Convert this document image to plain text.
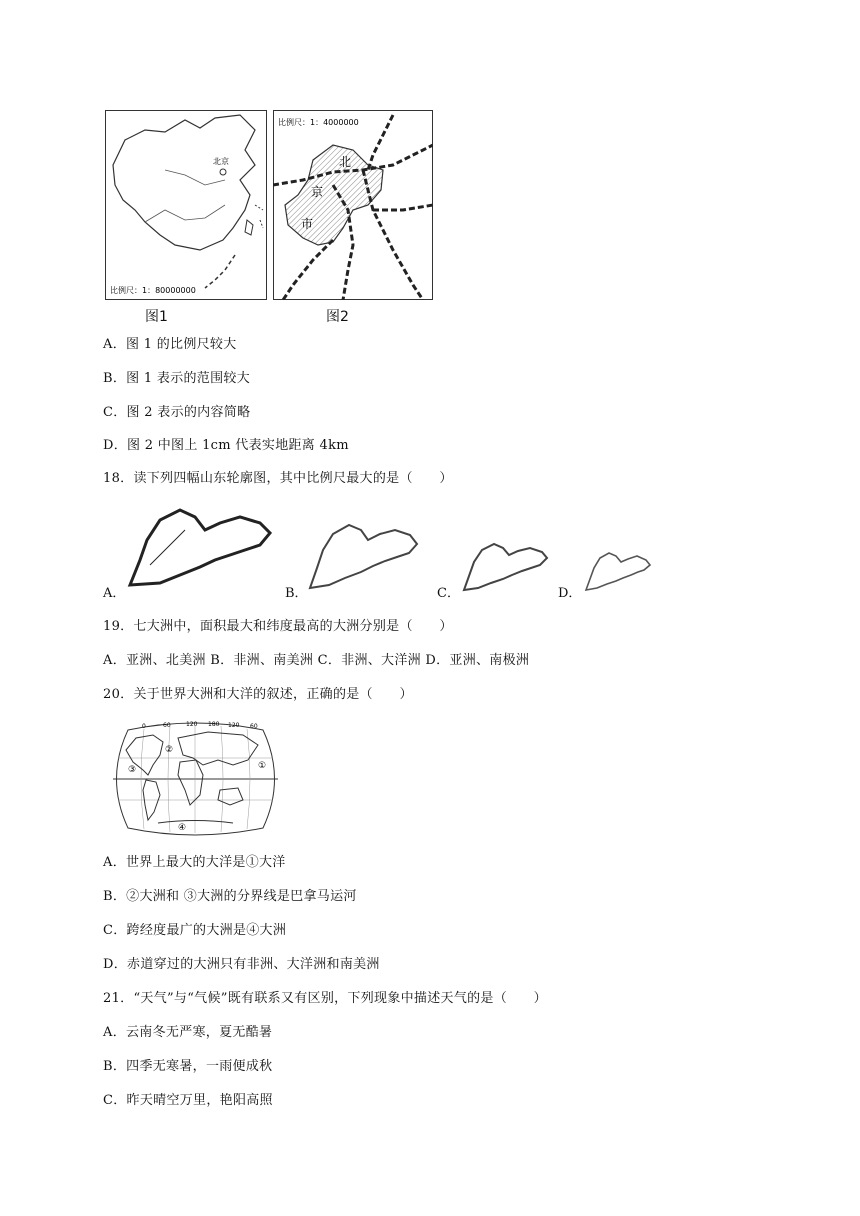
北京
比例尺：1：80000000
图1
北
京
市
比例尺：1：4000000
图2
A．图 1 的比例尺较大
B．图 1 表示的范围较大
C．图 2 表示的内容简略
D．图 2 中图上 1cm 代表实地距离 4km
18．读下列四幅山东轮廓图，其中比例尺最大的是（　　）
A．	B．	C．	D．
19．七大洲中，面积最大和纬度最高的大洲分别是（　　）
A．亚洲、北美洲 B．非洲、南美洲 C．非洲、大洋洲 D．亚洲、南极洲
20．关于世界大洲和大洋的叙述，正确的是（　　）
0	60	120 180 120 60
③
②
①
④
A．世界上最大的大洋是①大洋
B．②大洲和 ③大洲的分界线是巴拿马运河
C．跨经度最广的大洲是④大洲
D．赤道穿过的大洲只有非洲、大洋洲和南美洲
21．“天气”与“气候”既有联系又有区别，下列现象中描述天气的是（　　）
A．云南冬无严寒，夏无酷暑
B．四季无寒暑，一雨便成秋
C．昨天晴空万里，艳阳高照
